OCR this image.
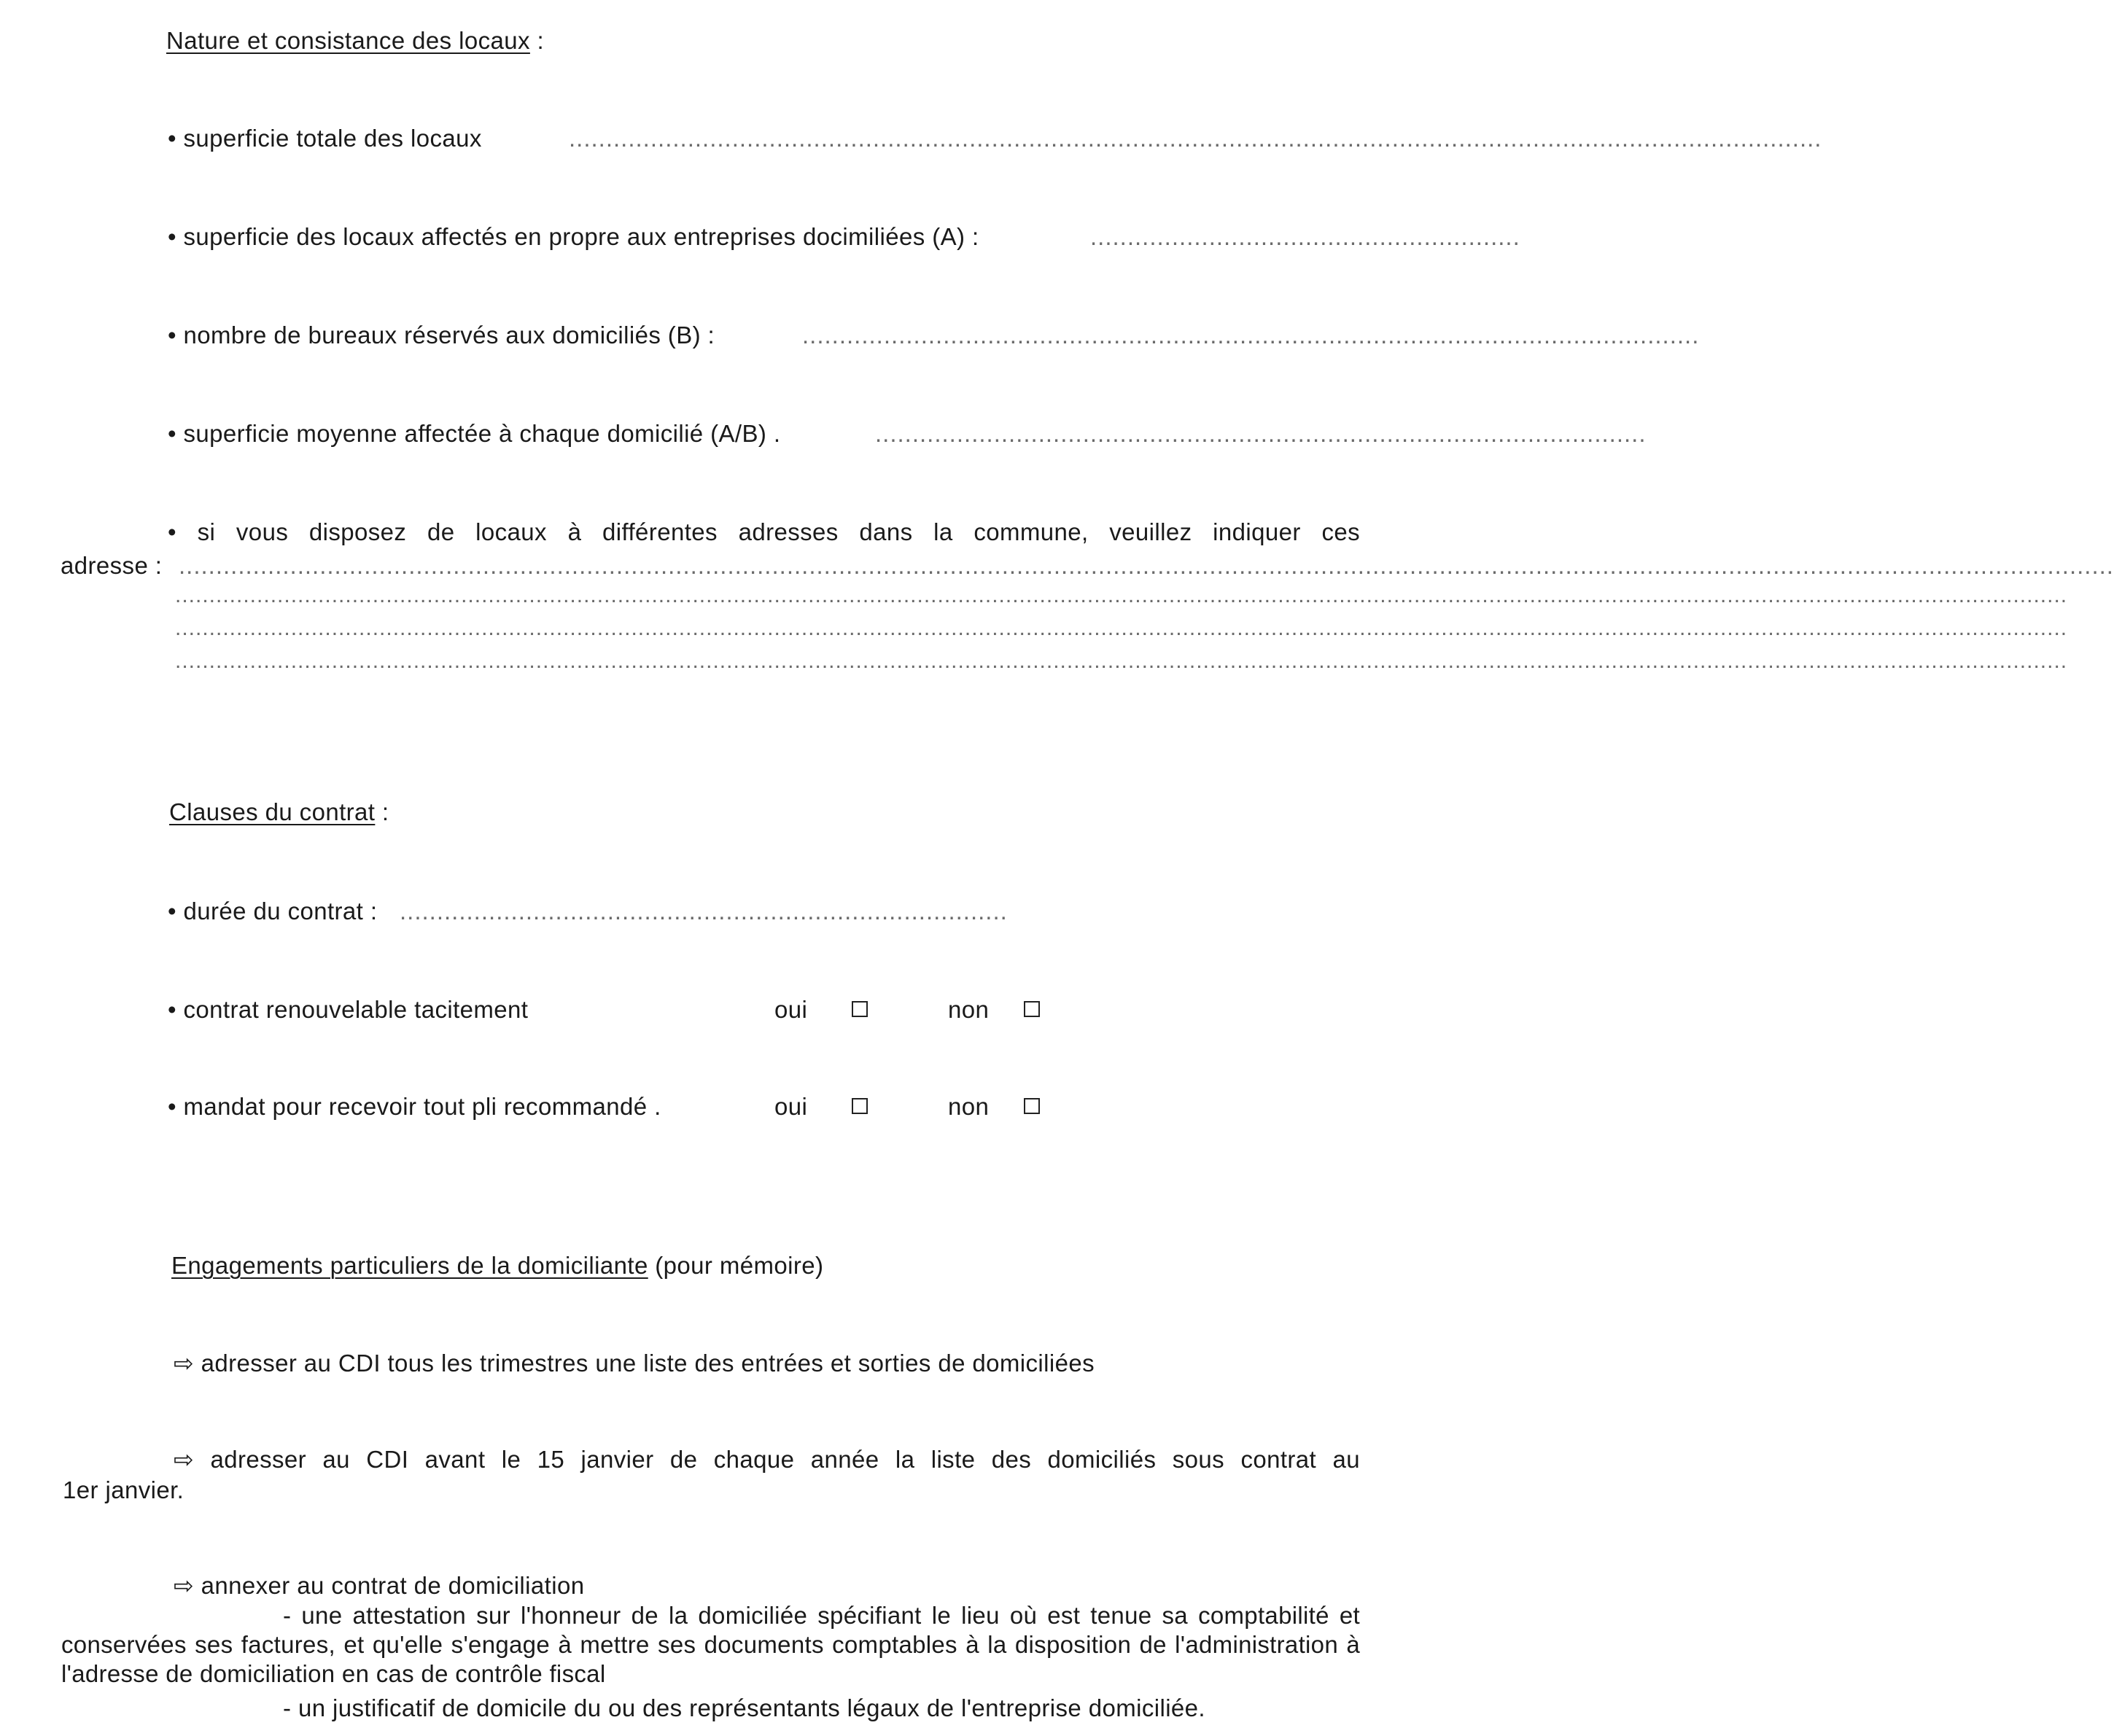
Nature et consistance des locaux :
• superficie totale des locaux	.........................................................................................................................................................................
• superficie des locaux affectés en propre aux entreprises docimiliées (A) :	..........................................................
• nombre de bureaux réservés aux domiciliés (B) :	.........................................................................................................................
• superficie moyenne affectée à chaque domicilié (A/B) .	........................................................................................................
• si vous disposez de locaux à différentes adresses dans la commune, veuillez indiquer ces
adresse : .....................................................................................................................................................................................................................................................................
......................................................................................................................................................................................................................................................................................
......................................................................................................................................................................................................................................................................................
......................................................................................................................................................................................................................................................................................
Clauses du contrat :
• durée du contrat : ..................................................................................
• contrat renouvelable tacitement	oui	non
• mandat pour recevoir tout pli recommandé .	oui	non
Engagements particuliers de la domiciliante (pour mémoire)
⇨ adresser au CDI tous les trimestres une liste des entrées et sorties de domiciliées
⇨ adresser au CDI avant le 15 janvier de chaque année la liste des domiciliés sous contrat au
1er janvier.
⇨ annexer au contrat de domiciliation
- une attestation sur l'honneur de la domiciliée spécifiant le lieu où est tenue sa comptabilité et conservées ses factures, et qu'elle s'engage à mettre ses documents comptables à la disposition de l'administration à l'adresse de domiciliation en cas de contrôle fiscal
- un justificatif de domicile du ou des représentants légaux de l'entreprise domiciliée.
